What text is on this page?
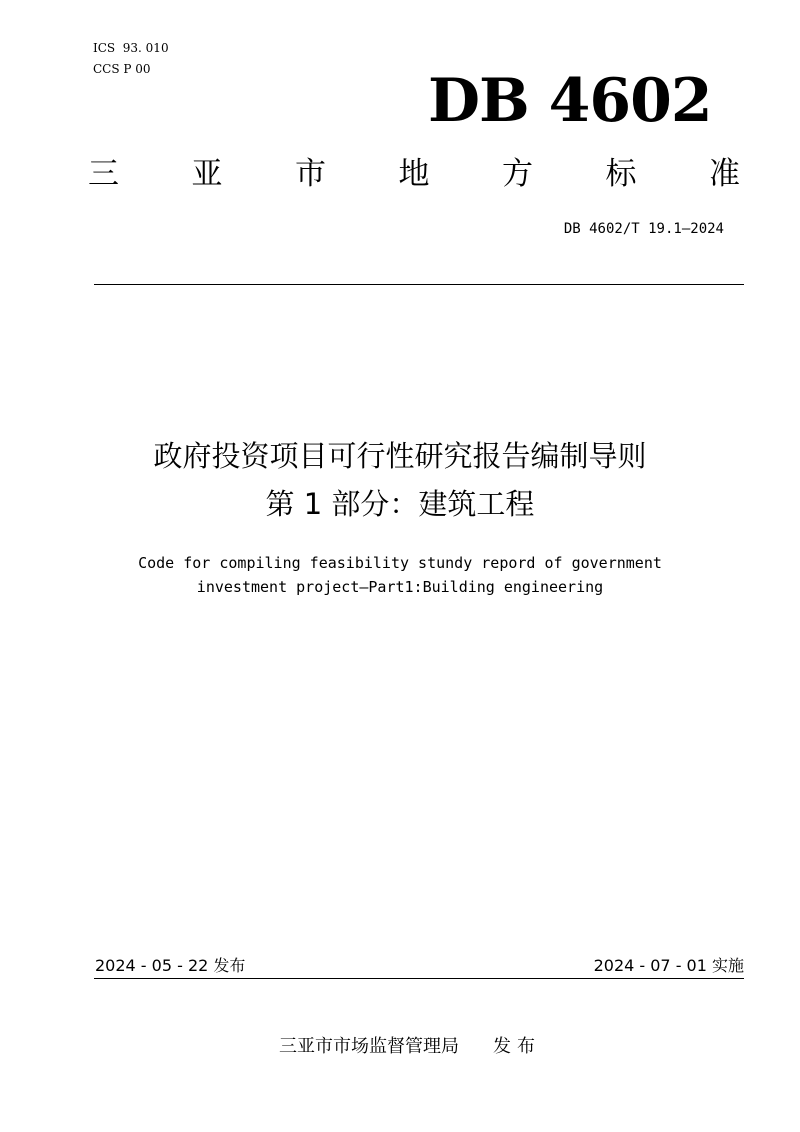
ICS  93. 010
CCS P 00	DB 4602
三 亚 市 地 方 标 准
DB 4602/T 19.1—2024
政府投资项目可行性研究报告编制导则
第 1 部分：建筑工程
Code for compiling feasibility stundy repord of government
investment project—Part1:Building engineering
2024 - 05 - 22 发布	2024 - 07 - 01 实施
三亚市市场监督管理局 发布
